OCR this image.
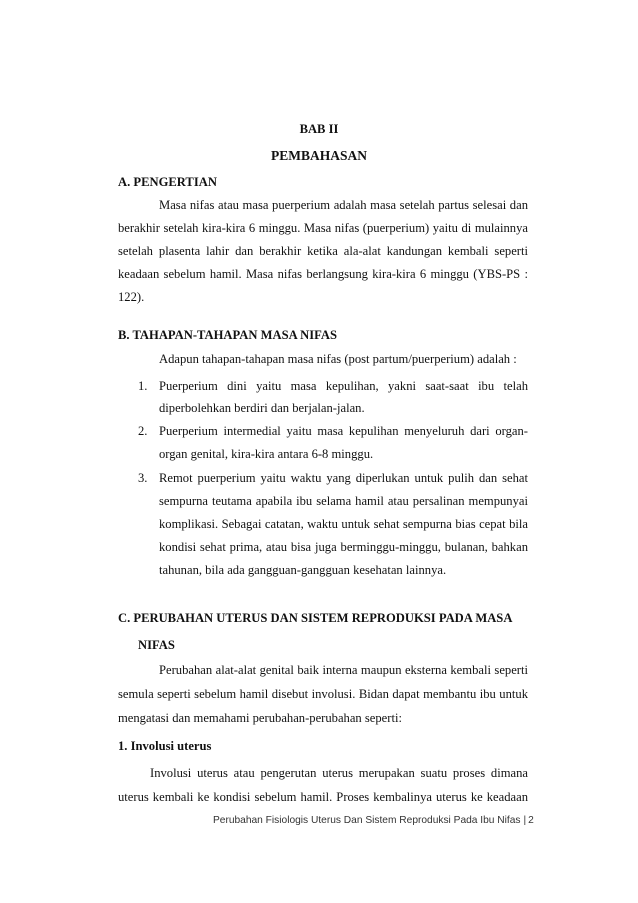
BAB II
PEMBAHASAN
A. PENGERTIAN
Masa nifas atau masa puerperium adalah masa setelah partus selesai dan
berakhir setelah kira-kira 6 minggu. Masa nifas (puerperium) yaitu di mulainnya
setelah plasenta lahir dan berakhir ketika ala-alat kandungan kembali seperti
keadaan sebelum hamil. Masa nifas berlangsung kira-kira 6 minggu (YBS-PS :
122).
B. TAHAPAN-TAHAPAN MASA NIFAS
Adapun tahapan-tahapan masa nifas (post partum/puerperium) adalah :
1. Puerperium dini yaitu masa kepulihan, yakni saat-saat ibu telah
diperbolehkan berdiri dan berjalan-jalan.
2. Puerperium intermedial yaitu masa kepulihan menyeluruh dari organ-
organ genital, kira-kira antara 6-8 minggu.
3. Remot puerperium yaitu waktu yang diperlukan untuk pulih dan sehat
sempurna teutama apabila ibu selama hamil atau persalinan mempunyai
komplikasi. Sebagai catatan, waktu untuk sehat sempurna bias cepat bila
kondisi sehat prima, atau bisa juga berminggu-minggu, bulanan, bahkan
tahunan, bila ada gangguan-gangguan kesehatan lainnya.
C. PERUBAHAN UTERUS DAN SISTEM REPRODUKSI PADA MASA
NIFAS
Perubahan alat-alat genital baik interna maupun eksterna kembali seperti
semula seperti sebelum hamil disebut involusi. Bidan dapat membantu ibu untuk
mengatasi dan memahami perubahan-perubahan seperti:
1. Involusi uterus
Involusi uterus atau pengerutan uterus merupakan suatu proses dimana
uterus kembali ke kondisi sebelum hamil. Proses kembalinya uterus ke keadaan
Perubahan Fisiologis Uterus Dan Sistem Reproduksi Pada Ibu Nifas | 2
